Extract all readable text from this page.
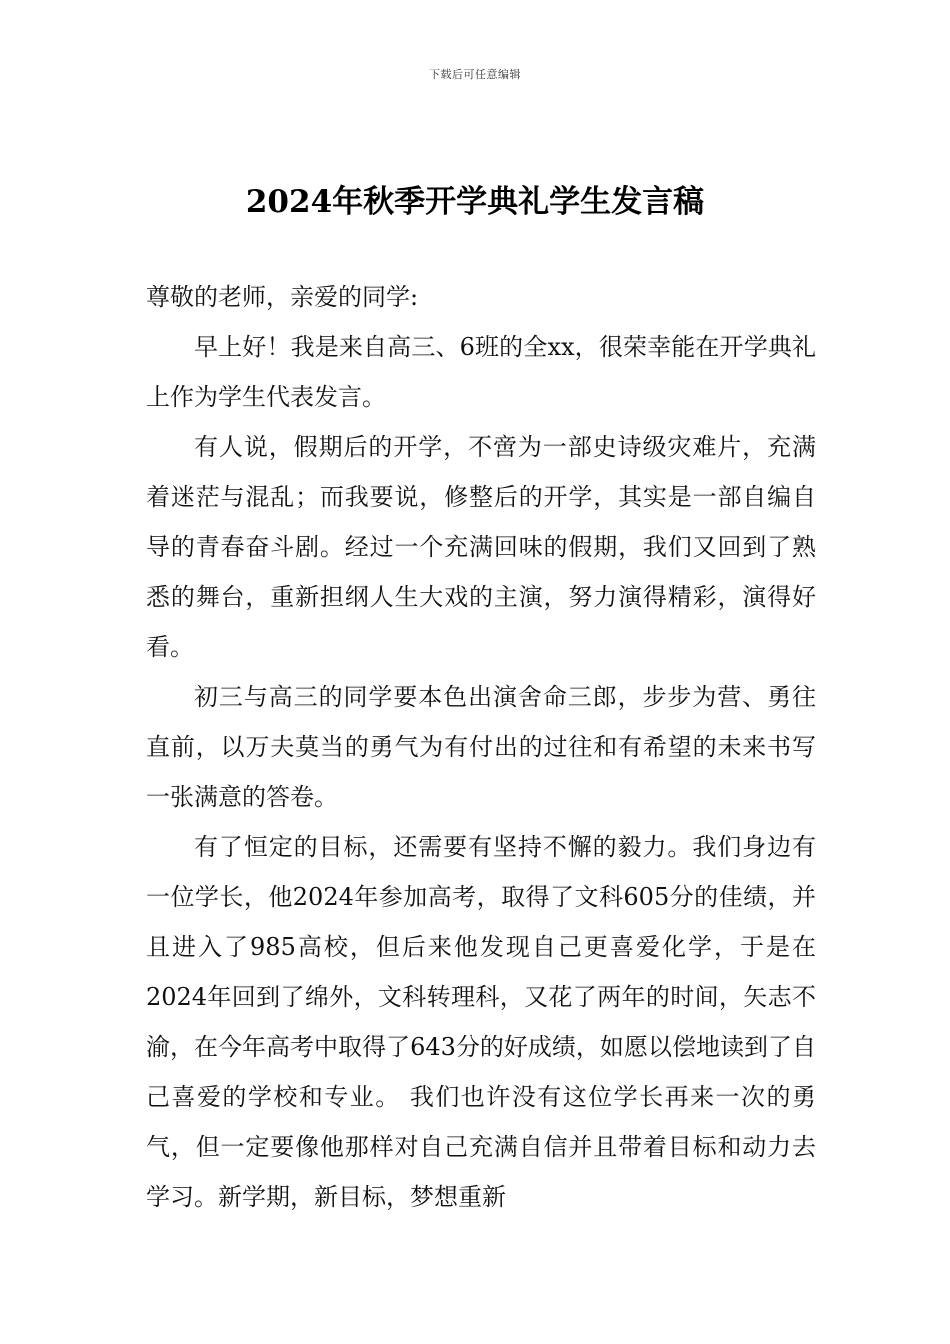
下载后可任意编辑
2024年秋季开学典礼学生发言稿

尊敬的老师，亲爱的同学:

早上好！我是来自高三、6班的全xx，很荣幸能在开学典礼上作为学生代表发言。

有人说，假期后的开学，不啻为一部史诗级灾难片，充满着迷茫与混乱；而我要说，修整后的开学，其实是一部自编自导的青春奋斗剧。经过一个充满回味的假期，我们又回到了熟悉的舞台，重新担纲人生大戏的主演，努力演得精彩，演得好看。

初三与高三的同学要本色出演舍命三郎，步步为营、勇往直前，以万夫莫当的勇气为有付出的过往和有希望的未来书写一张满意的答卷。

有了恒定的目标，还需要有坚持不懈的毅力。我们身边有一位学长，他2024年参加高考，取得了文科605分的佳绩，并且进入了985高校，但后来他发现自己更喜爱化学，于是在2024年回到了绵外，文科转理科，又花了两年的时间，矢志不渝，在今年高考中取得了643分的好成绩，如愿以偿地读到了自己喜爱的学校和专业。 我们也许没有这位学长再来一次的勇气，但一定要像他那样对自己充满自信并且带着目标和动力去学习。新学期，新目标，梦想重新
